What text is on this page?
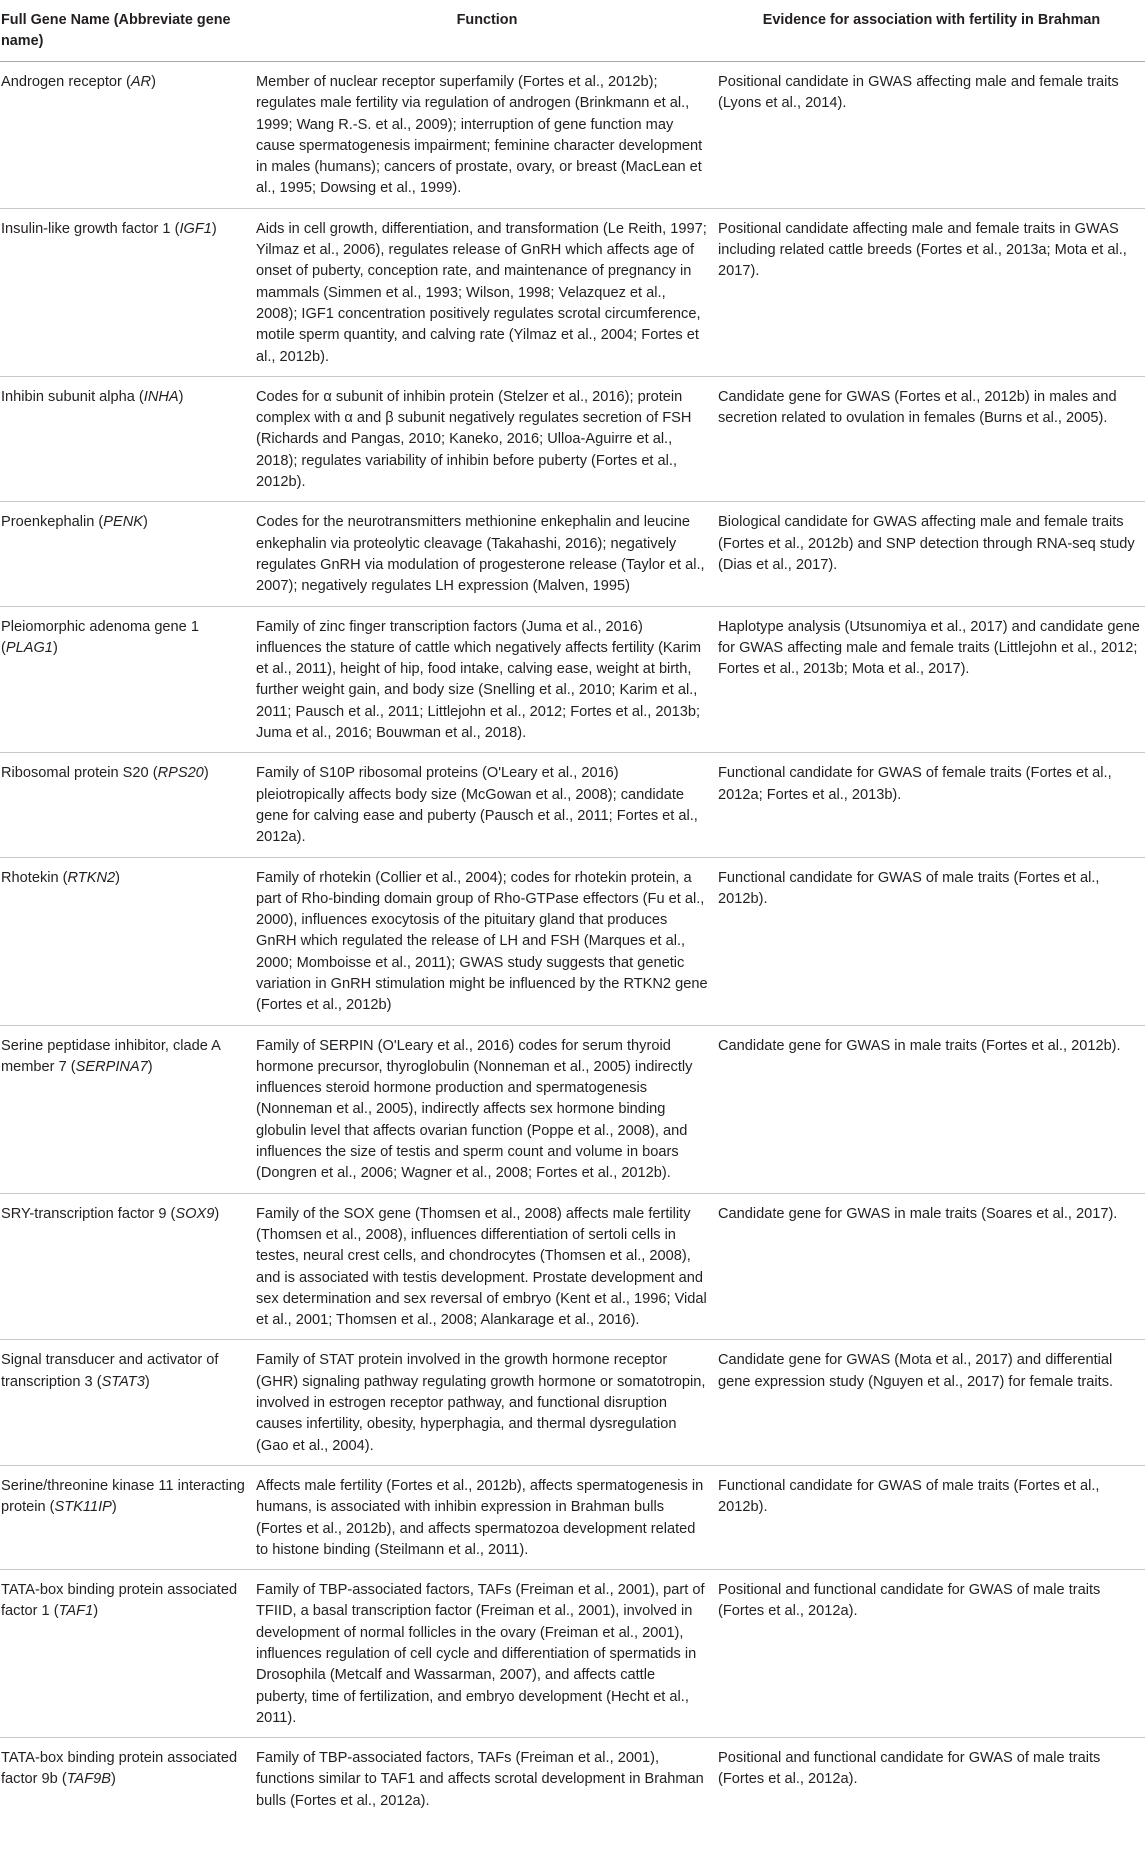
Full Gene Name (Abbreviate gene name)	Function	Evidence for association with fertility in Brahman
Androgen receptor (AR)	Member of nuclear receptor superfamily (Fortes et al., 2012b); regulates male fertility via regulation of androgen (Brinkmann et al., 1999; Wang R.-S. et al., 2009); interruption of gene function may cause spermatogenesis impairment; feminine character development in males (humans); cancers of prostate, ovary, or breast (MacLean et al., 1995; Dowsing et al., 1999).	Positional candidate in GWAS affecting male and female traits (Lyons et al., 2014).
Insulin-like growth factor 1 (IGF1)	Aids in cell growth, differentiation, and transformation (Le Reith, 1997; Yilmaz et al., 2006), regulates release of GnRH which affects age of onset of puberty, conception rate, and maintenance of pregnancy in mammals (Simmen et al., 1993; Wilson, 1998; Velazquez et al., 2008); IGF1 concentration positively regulates scrotal circumference, motile sperm quantity, and calving rate (Yilmaz et al., 2004; Fortes et al., 2012b).	Positional candidate affecting male and female traits in GWAS including related cattle breeds (Fortes et al., 2013a; Mota et al., 2017).
Inhibin subunit alpha (INHA)	Codes for α subunit of inhibin protein (Stelzer et al., 2016); protein complex with α and β subunit negatively regulates secretion of FSH (Richards and Pangas, 2010; Kaneko, 2016; Ulloa-Aguirre et al., 2018); regulates variability of inhibin before puberty (Fortes et al., 2012b).	Candidate gene for GWAS (Fortes et al., 2012b) in males and secretion related to ovulation in females (Burns et al., 2005).
Proenkephalin (PENK)	Codes for the neurotransmitters methionine enkephalin and leucine enkephalin via proteolytic cleavage (Takahashi, 2016); negatively regulates GnRH via modulation of progesterone release (Taylor et al., 2007); negatively regulates LH expression (Malven, 1995)	Biological candidate for GWAS affecting male and female traits (Fortes et al., 2012b) and SNP detection through RNA-seq study (Dias et al., 2017).
Pleiomorphic adenoma gene 1 (PLAG1)	Family of zinc finger transcription factors (Juma et al., 2016) influences the stature of cattle which negatively affects fertility (Karim et al., 2011), height of hip, food intake, calving ease, weight at birth, further weight gain, and body size (Snelling et al., 2010; Karim et al., 2011; Pausch et al., 2011; Littlejohn et al., 2012; Fortes et al., 2013b; Juma et al., 2016; Bouwman et al., 2018).	Haplotype analysis (Utsunomiya et al., 2017) and candidate gene for GWAS affecting male and female traits (Littlejohn et al., 2012; Fortes et al., 2013b; Mota et al., 2017).
Ribosomal protein S20 (RPS20)	Family of S10P ribosomal proteins (O'Leary et al., 2016) pleiotropically affects body size (McGowan et al., 2008); candidate gene for calving ease and puberty (Pausch et al., 2011; Fortes et al., 2012a).	Functional candidate for GWAS of female traits (Fortes et al., 2012a; Fortes et al., 2013b).
Rhotekin (RTKN2)	Family of rhotekin (Collier et al., 2004); codes for rhotekin protein, a part of Rho-binding domain group of Rho-GTPase effectors (Fu et al., 2000), influences exocytosis of the pituitary gland that produces GnRH which regulated the release of LH and FSH (Marques et al., 2000; Momboisse et al., 2011); GWAS study suggests that genetic variation in GnRH stimulation might be influenced by the RTKN2 gene (Fortes et al., 2012b)	Functional candidate for GWAS of male traits (Fortes et al., 2012b).
Serine peptidase inhibitor, clade A member 7 (SERPINA7)	Family of SERPIN (O'Leary et al., 2016) codes for serum thyroid hormone precursor, thyroglobulin (Nonneman et al., 2005) indirectly influences steroid hormone production and spermatogenesis (Nonneman et al., 2005), indirectly affects sex hormone binding globulin level that affects ovarian function (Poppe et al., 2008), and influences the size of testis and sperm count and volume in boars (Dongren et al., 2006; Wagner et al., 2008; Fortes et al., 2012b).	Candidate gene for GWAS in male traits (Fortes et al., 2012b).
SRY-transcription factor 9 (SOX9)	Family of the SOX gene (Thomsen et al., 2008) affects male fertility (Thomsen et al., 2008), influences differentiation of sertoli cells in testes, neural crest cells, and chondrocytes (Thomsen et al., 2008), and is associated with testis development. Prostate development and sex determination and sex reversal of embryo (Kent et al., 1996; Vidal et al., 2001; Thomsen et al., 2008; Alankarage et al., 2016).	Candidate gene for GWAS in male traits (Soares et al., 2017).
Signal transducer and activator of transcription 3 (STAT3)	Family of STAT protein involved in the growth hormone receptor (GHR) signaling pathway regulating growth hormone or somatotropin, involved in estrogen receptor pathway, and functional disruption causes infertility, obesity, hyperphagia, and thermal dysregulation (Gao et al., 2004).	Candidate gene for GWAS (Mota et al., 2017) and differential gene expression study (Nguyen et al., 2017) for female traits.
Serine/threonine kinase 11 interacting protein (STK11IP)	Affects male fertility (Fortes et al., 2012b), affects spermatogenesis in humans, is associated with inhibin expression in Brahman bulls (Fortes et al., 2012b), and affects spermatozoa development related to histone binding (Steilmann et al., 2011).	Functional candidate for GWAS of male traits (Fortes et al., 2012b).
TATA-box binding protein associated factor 1 (TAF1)	Family of TBP-associated factors, TAFs (Freiman et al., 2001), part of TFIID, a basal transcription factor (Freiman et al., 2001), involved in development of normal follicles in the ovary (Freiman et al., 2001), influences regulation of cell cycle and differentiation of spermatids in Drosophila (Metcalf and Wassarman, 2007), and affects cattle puberty, time of fertilization, and embryo development (Hecht et al., 2011).	Positional and functional candidate for GWAS of male traits (Fortes et al., 2012a).
TATA-box binding protein associated factor 9b (TAF9B)	Family of TBP-associated factors, TAFs (Freiman et al., 2001), functions similar to TAF1 and affects scrotal development in Brahman bulls (Fortes et al., 2012a).	Positional and functional candidate for GWAS of male traits (Fortes et al., 2012a).
